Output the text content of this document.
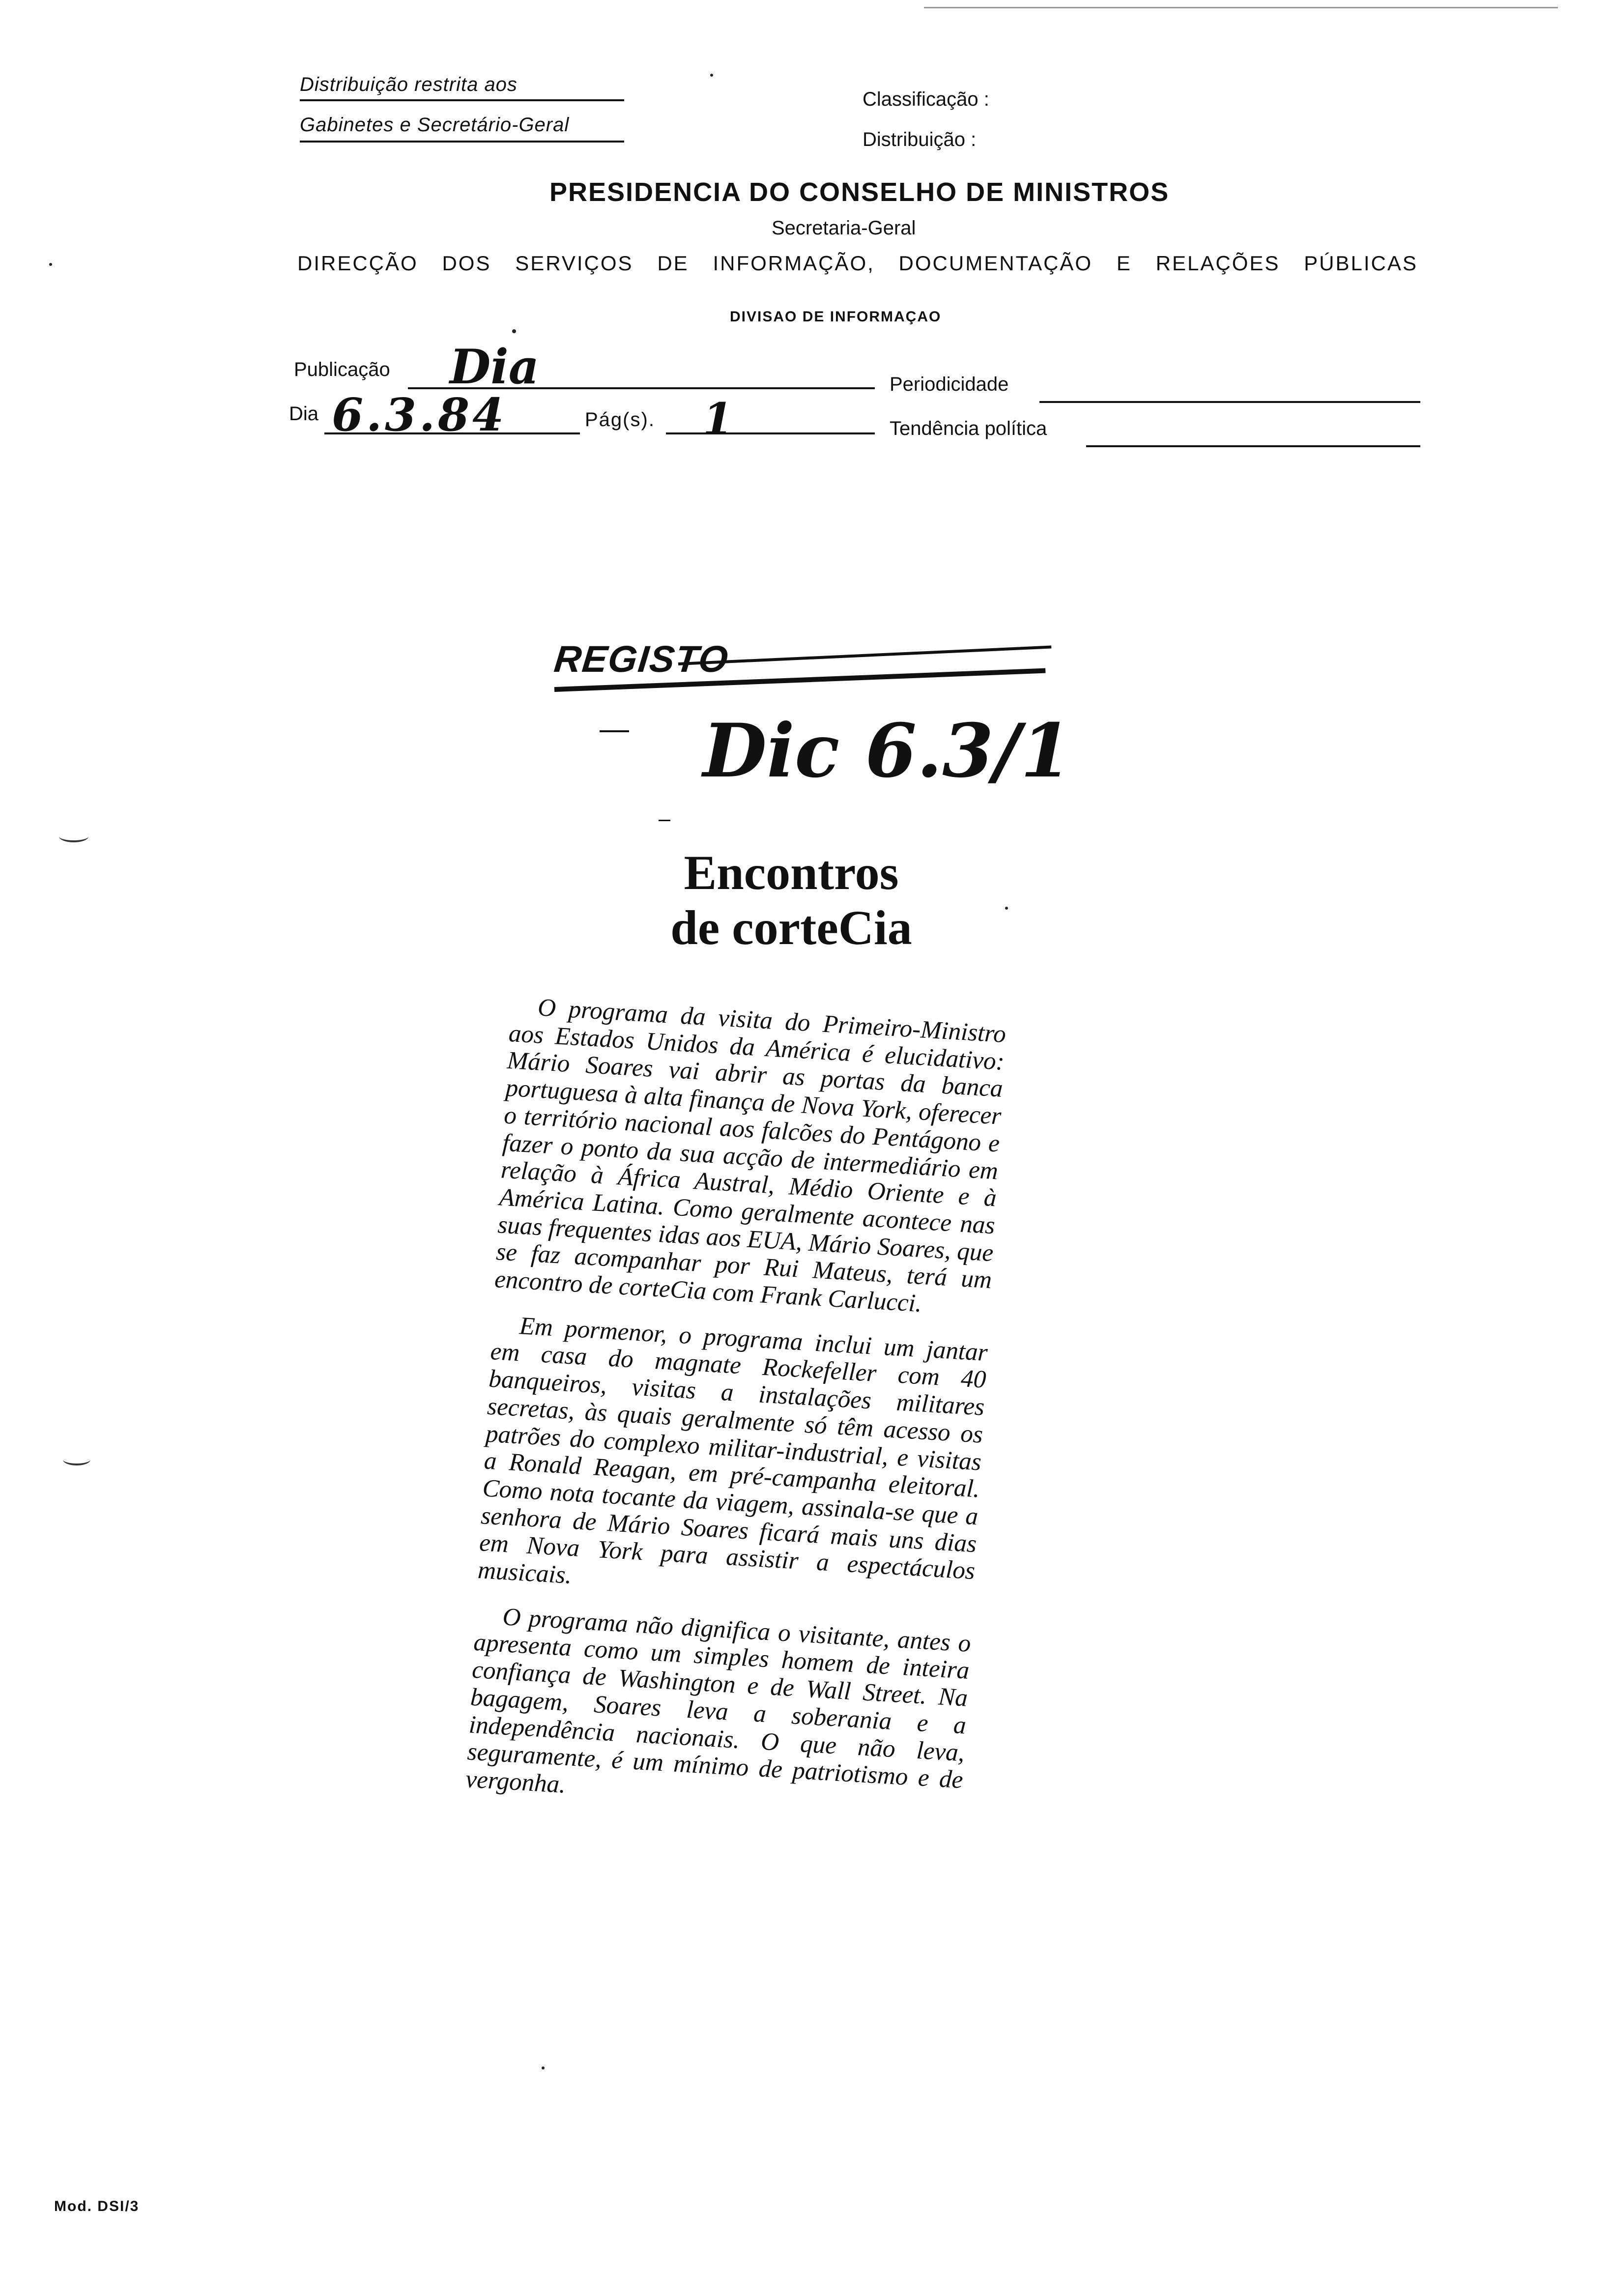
Distribuição restrita aos
Gabinetes e Secretário-Geral
Classificação :
Distribuição :
PRESIDENCIA DO CONSELHO DE MINISTROS
Secretaria-Geral
DIRECÇÃO DOS SERVIÇOS DE INFORMAÇÃO, DOCUMENTAÇÃO E RELAÇÕES PÚBLICAS
DIVISAO DE INFORMAÇAO
Publicação Dia	Periodicidade
Dia 6.3.84	Pág(s). 1	Tendência política
REGISTO
Dic 6.3/1
Encontros
de corteCia

O programa da visita do Primeiro-Ministro aos Estados Unidos da América é elucidativo: Mário Soares vai abrir as portas da banca portuguesa à alta finança de Nova York, oferecer o território nacional aos falcões do Pentágono e fazer o ponto da sua acção de intermediário em relação à África Austral, Médio Oriente e à América Latina. Como geralmente acontece nas suas frequentes idas aos EUA, Mário Soares, que se faz acompanhar por Rui Mateus, terá um encontro de corteCia com Frank Carlucci.

Em pormenor, o programa inclui um jantar em casa do magnate Rockefeller com 40 banqueiros, visitas a instalações militares secretas, às quais geralmente só têm acesso os patrões do complexo militar-industrial, e visitas a Ronald Reagan, em pré-campanha eleitoral. Como nota tocante da viagem, assinala-se que a senhora de Mário Soares ficará mais uns dias em Nova York para assistir a espectáculos musicais.

O programa não dignifica o visitante, antes o apresenta como um simples homem de inteira confiança de Washington e de Wall Street. Na bagagem, Soares leva a soberania e a independência nacionais. O que não leva, seguramente, é um mínimo de patriotismo e de vergonha.

Mod. DSI/3
